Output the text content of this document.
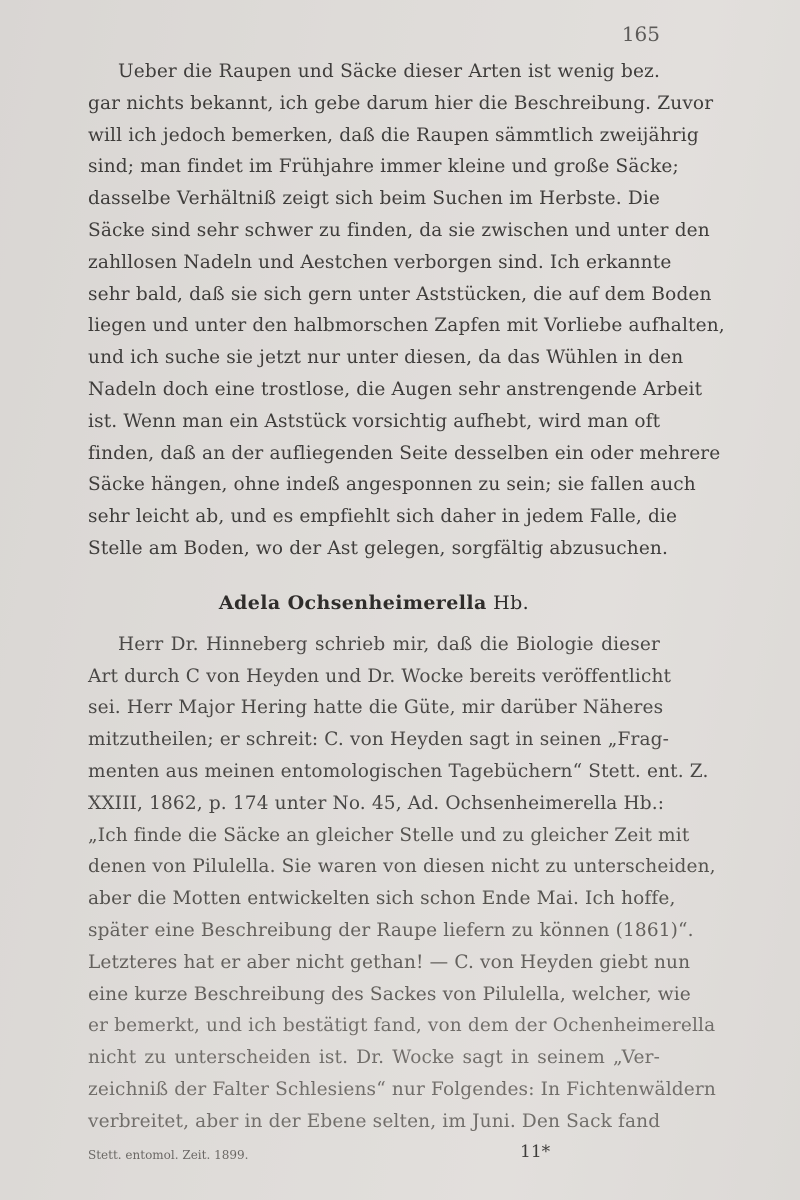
165
Ueber die Raupen und Säcke dieser Arten ist wenig bez.
gar nichts bekannt, ich gebe darum hier die Beschreibung. Zuvor
will ich jedoch bemerken, daß die Raupen sämmtlich zweijährig
sind; man findet im Frühjahre immer kleine und große Säcke;
dasselbe Verhältniß zeigt sich beim Suchen im Herbste. Die
Säcke sind sehr schwer zu finden, da sie zwischen und unter den
zahllosen Nadeln und Aestchen verborgen sind. Ich erkannte
sehr bald, daß sie sich gern unter Aststücken, die auf dem Boden
liegen und unter den halbmorschen Zapfen mit Vorliebe aufhalten,
und ich suche sie jetzt nur unter diesen, da das Wühlen in den
Nadeln doch eine trostlose, die Augen sehr anstrengende Arbeit
ist. Wenn man ein Aststück vorsichtig aufhebt, wird man oft
finden, daß an der aufliegenden Seite desselben ein oder mehrere
Säcke hängen, ohne indeß angesponnen zu sein; sie fallen auch
sehr leicht ab, und es empfiehlt sich daher in jedem Falle, die
Stelle am Boden, wo der Ast gelegen, sorgfältig abzusuchen.
Adela Ochsenheimerella Hb.
Herr Dr. Hinneberg schrieb mir, daß die Biologie dieser
Art durch C von Heyden und Dr. Wocke bereits veröffentlicht
sei. Herr Major Hering hatte die Güte, mir darüber Näheres
mitzutheilen; er schreit: C. von Heyden sagt in seinen „Frag-
menten aus meinen entomologischen Tagebüchern“ Stett. ent. Z.
XXIII, 1862, p. 174 unter No. 45, Ad. Ochsenheimerella Hb.:
„Ich finde die Säcke an gleicher Stelle und zu gleicher Zeit mit
denen von Pilulella. Sie waren von diesen nicht zu unterscheiden,
aber die Motten entwickelten sich schon Ende Mai. Ich hoffe,
später eine Beschreibung der Raupe liefern zu können (1861)“.
Letzteres hat er aber nicht gethan! — C. von Heyden giebt nun
eine kurze Beschreibung des Sackes von Pilulella, welcher, wie
er bemerkt, und ich bestätigt fand, von dem der Ochenheimerella
nicht zu unterscheiden ist. Dr. Wocke sagt in seinem „Ver-
zeichniß der Falter Schlesiens“ nur Folgendes: In Fichtenwäldern
verbreitet, aber in der Ebene selten, im Juni. Den Sack fand
Stett. entomol. Zeit. 1899.	11*
